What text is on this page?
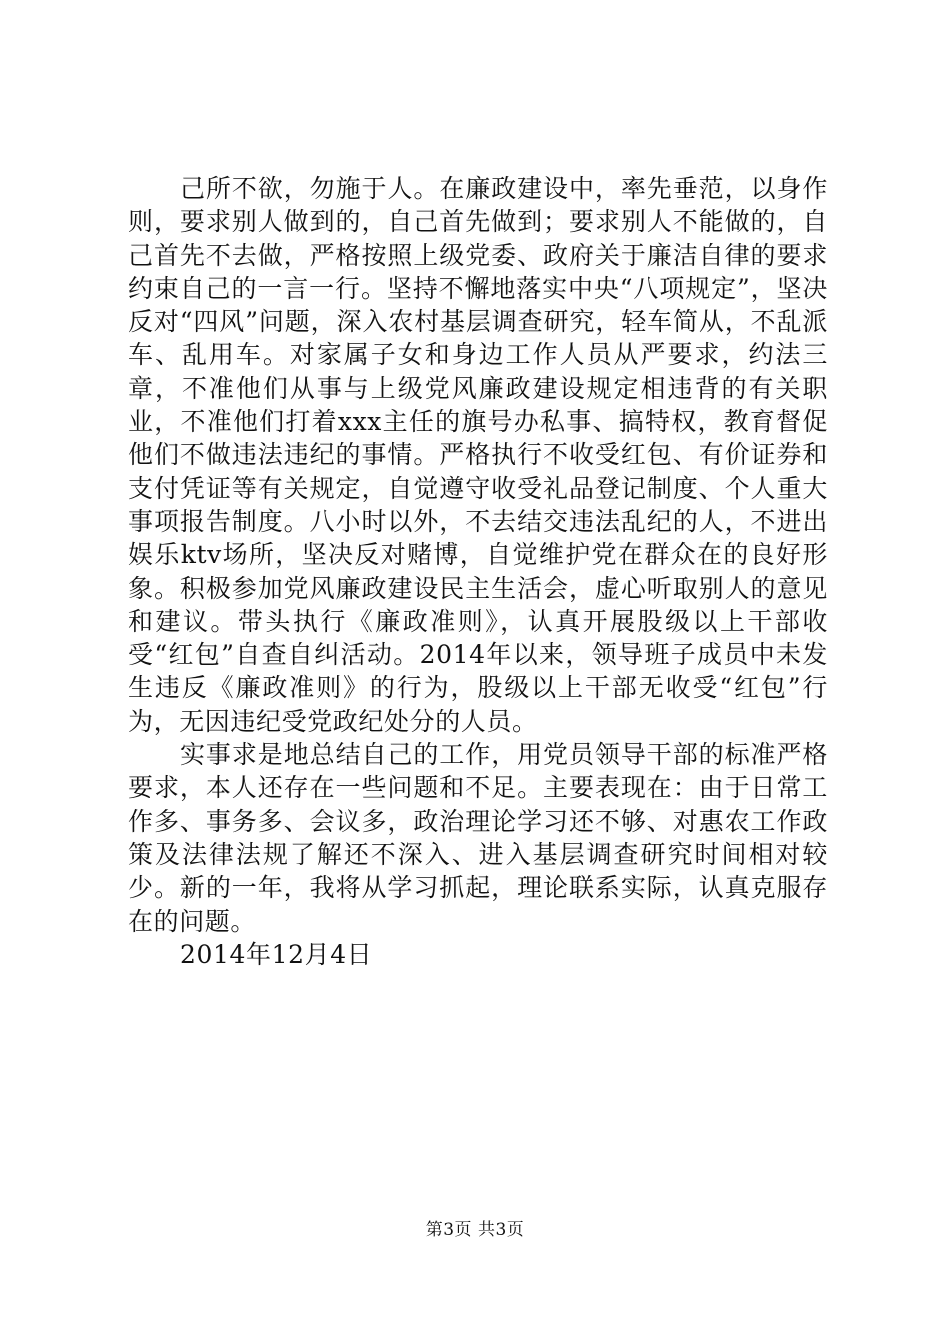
己所不欲，勿施于人。在廉政建设中，率先垂范，以身作则，要求别人做到的，自己首先做到；要求别人不能做的，自己首先不去做，严格按照上级党委、政府关于廉洁自律的要求约束自己的一言一行。坚持不懈地落实中央“八项规定”，坚决反对“四风”问题，深入农村基层调查研究，轻车简从，不乱派车、乱用车。对家属子女和身边工作人员从严要求，约法三章，不准他们从事与上级党风廉政建设规定相违背的有关职业，不准他们打着xxx主任的旗号办私事、搞特权，教育督促他们不做违法违纪的事情。严格执行不收受红包、有价证券和支付凭证等有关规定，自觉遵守收受礼品登记制度、个人重大事项报告制度。八小时以外，不去结交违法乱纪的人，不进出娱乐ktv场所，坚决反对赌博，自觉维护党在群众在的良好形象。积极参加党风廉政建设民主生活会，虚心听取别人的意见和建议。带头执行《廉政准则》，认真开展股级以上干部收受“红包”自查自纠活动。2014年以来，领导班子成员中未发生违反《廉政准则》的行为，股级以上干部无收受“红包”行为，无因违纪受党政纪处分的人员。

实事求是地总结自己的工作，用党员领导干部的标准严格要求，本人还存在一些问题和不足。主要表现在：由于日常工作多、事务多、会议多，政治理论学习还不够、对惠农工作政策及法律法规了解还不深入、进入基层调查研究时间相对较少。新的一年，我将从学习抓起，理论联系实际，认真克服存在的问题。

2014年12月4日

第3页 共3页
